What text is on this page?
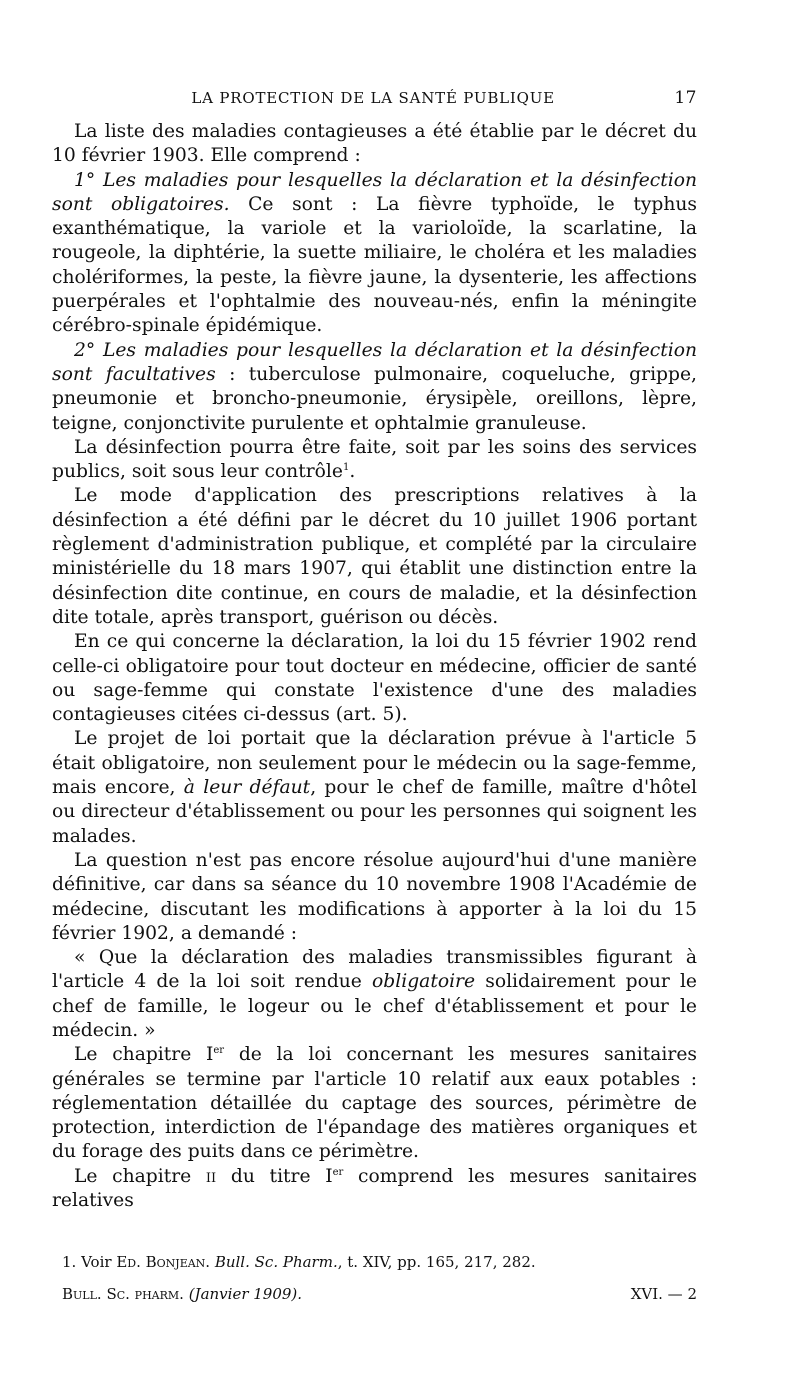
LA PROTECTION DE LA SANTÉ PUBLIQUE	17

La liste des maladies contagieuses a été établie par le décret du 10 février 1903. Elle comprend :

1° Les maladies pour lesquelles la déclaration et la désinfection sont obligatoires. Ce sont : La fièvre typhoïde, le typhus exanthématique, la variole et la varioloïde, la scarlatine, la rougeole, la diphtérie, la suette miliaire, le choléra et les maladies cholériformes, la peste, la fièvre jaune, la dysenterie, les affections puerpérales et l'ophtalmie des nouveau-nés, enfin la méningite cérébro-spinale épidémique.

2° Les maladies pour lesquelles la déclaration et la désinfection sont facultatives : tuberculose pulmonaire, coqueluche, grippe, pneumonie et broncho-pneumonie, érysipèle, oreillons, lèpre, teigne, conjonctivite purulente et ophtalmie granuleuse.

La désinfection pourra être faite, soit par les soins des services publics, soit sous leur contrôle$^1$.

Le mode d'application des prescriptions relatives à la désinfection a été défini par le décret du 10 juillet 1906 portant règlement d'administration publique, et complété par la circulaire ministérielle du 18 mars 1907, qui établit une distinction entre la désinfection dite continue, en cours de maladie, et la désinfection dite totale, après transport, guérison ou décès.

En ce qui concerne la déclaration, la loi du 15 février 1902 rend celle-ci obligatoire pour tout docteur en médecine, officier de santé ou sage-femme qui constate l'existence d'une des maladies contagieuses citées ci-dessus (art. 5).

Le projet de loi portait que la déclaration prévue à l'article 5 était obligatoire, non seulement pour le médecin ou la sage-femme, mais encore, à leur défaut, pour le chef de famille, maître d'hôtel ou directeur d'établissement ou pour les personnes qui soignent les malades.

La question n'est pas encore résolue aujourd'hui d'une manière définitive, car dans sa séance du 10 novembre 1908 l'Académie de médecine, discutant les modifications à apporter à la loi du 15 février 1902, a demandé :

« Que la déclaration des maladies transmissibles figurant à l'article 4 de la loi soit rendue obligatoire solidairement pour le chef de famille, le logeur ou le chef d'établissement et pour le médecin. »

Le chapitre Ier de la loi concernant les mesures sanitaires générales se termine par l'article 10 relatif aux eaux potables : réglementation détaillée du captage des sources, périmètre de protection, interdiction de l'épandage des matières organiques et du forage des puits dans ce périmètre.

Le chapitre ii du titre Ier comprend les mesures sanitaires relatives

1. Voir Ed. Bonjean. Bull. Sc. Pharm., t. XIV, pp. 165, 217, 282.

Bull. Sc. pharm. (Janvier 1909).	XVI. — 2
